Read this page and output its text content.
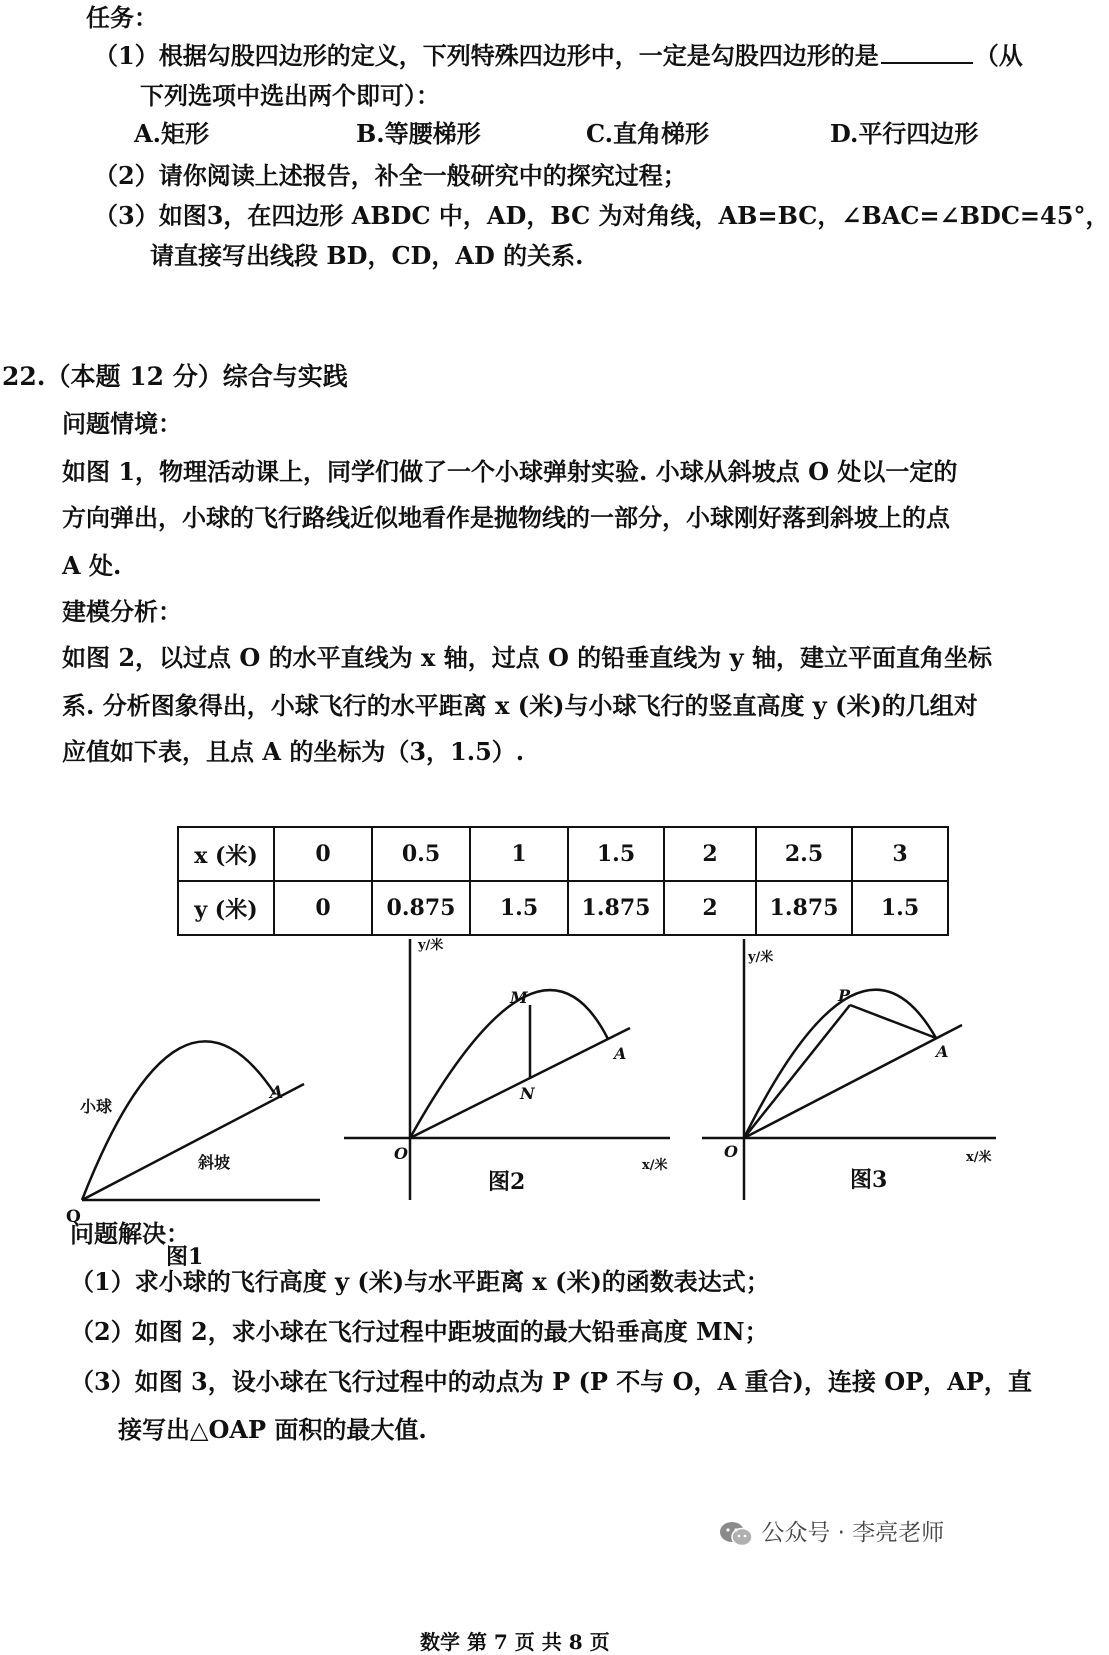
任务：
（1）根据勾股四边形的定义，下列特殊四边形中，一定是勾股四边形的是	（从
下列选项中选出两个即可）：
A.矩形	B.等腰梯形	C.直角梯形	D.平行四边形
（2）请你阅读上述报告，补全一般研究中的探究过程；
（3）如图3，在四边形 ABDC 中，AD，BC 为对角线，AB=BC，∠BAC=∠BDC=45°，
请直接写出线段 BD，CD，AD 的关系.
22.（本题 12 分）综合与实践
问题情境：
如图 1，物理活动课上，同学们做了一个小球弹射实验. 小球从斜坡点 O 处以一定的
方向弹出，小球的飞行路线近似地看作是抛物线的一部分，小球刚好落到斜坡上的点
A 处.
建模分析：
如图 2，以过点 O 的水平直线为 x 轴，过点 O 的铅垂直线为 y 轴，建立平面直角坐标
系. 分析图象得出，小球飞行的水平距离 x (米)与小球飞行的竖直高度 y (米)的几组对
应值如下表，且点 A 的坐标为（3，1.5）.
x (米)	0	0.5	1	1.5	2	2.5	3
y (米)	0	0.875	1.5	1.875	2	1.875	1.5
O
A
小球
斜坡
图1
y/米
x/米
O
M
N
A
图2
y/米
x/米
O
P
A
图3
问题解决：
（1）求小球的飞行高度 y (米)与水平距离 x (米)的函数表达式；
（2）如图 2，求小球在飞行过程中距坡面的最大铅垂高度 MN；
（3）如图 3，设小球在飞行过程中的动点为 P (P 不与 O，A 重合)，连接 OP，AP，直
接写出△OAP 面积的最大值.
数学 第 7 页 共 8 页
公众号 · 李亮老师
